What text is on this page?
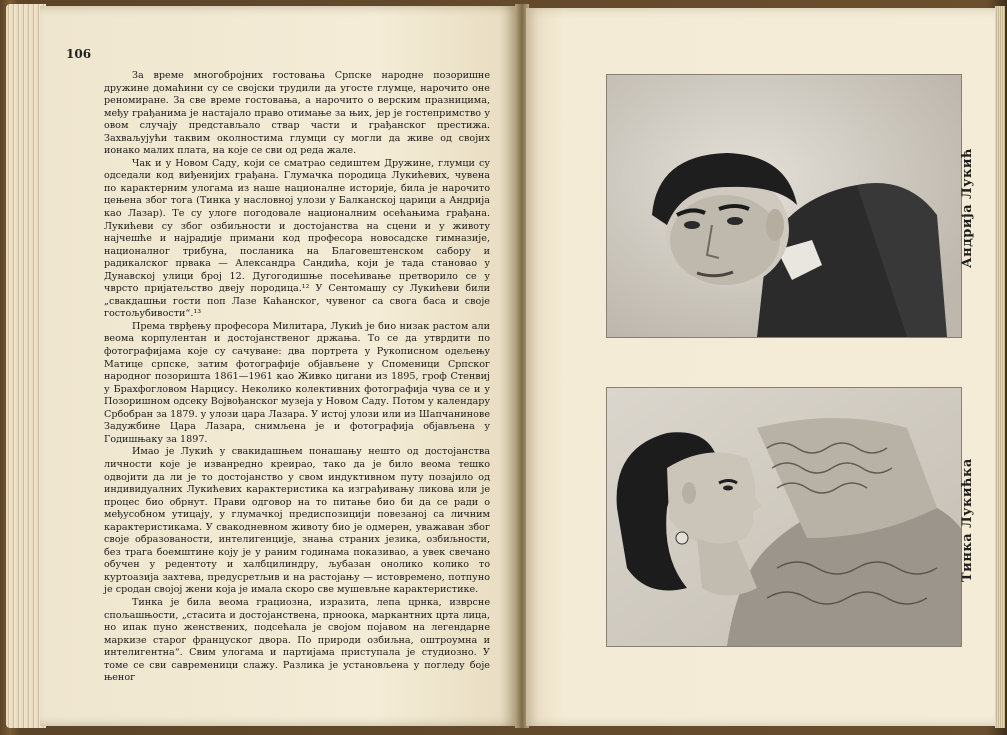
106

За време многобројних гостовања Српске народне позоришне дружине домаћини су се својски трудили да угосте глумце, нарочито оне реномиране. За све време гостовања, а нарочито о верским празницима, међу грађанима је настајало право отимање за њих, јер је гостепримство у овом случају представљало ствар части и грађанског престижа. Захваљујући таквим околностима глумци су могли да живе од својих ионако малих плата, на које се сви од реда жале.

Чак и у Новом Саду, који се сматрао седиштем Дружине, глумци су одседали код виђенијих грађана. Глумачка породица Лукићевих, чувена по карактерним улогама из наше националне историје, била је нарочито цењена због тога (Тинка у насловној улози у Балканској царици а Андрија као Лазар). Те су улоге погодовале националним осећањима грађана. Лукићеви су због озбиљности и достојанства на сцени и у животу најчешће и најрадије примани код професора новосадске гимназије, националног трибуна, посланика на Благовештенском сабору и радикалског првака — Александра Сандића, који је тада становао у Дунавској улици број 12. Дугогодишње посећивање претворило се у чврсто пријатељство двеју породица.¹² У Сентомашу су Лукићеви били „свакдашњи гости поп Лазе Каћанског, чувеног са свога баса и своје гостољубивости“.¹³

Према тврђењу професора Милитара, Лукић је био низак растом али веома корпулентан и достојанственог држања. То се да утврдити по фотографијама које су сачуване: два портрета у Рукописном одељењу Матице српске, затим фотографије објављене у Споменици Српског народног позоришта 1861—1961 као Живко цигани из 1895, гроф Стенвиј у Брахфогловом Нарцису. Неколико колективних фотографија чува се и у Позоришном одсеку Војвођанског музеја у Новом Саду. Потом у календару Србобран за 1879. у улози цара Лазара. У истој улози или из Шапчаниновe Задужбине Цара Лазара, снимљена је и фотографија објављена у Годишњаку за 1897.

Имао је Лукић у свакидашњем понашању нешто од достојанства личности које је изванредно креирао, тако да је било веома тешко одвојити да ли је то достојанство у свом индуктивном путу позајило од индивидуалних Лукићевих карактеристика ка изграђивању ликова или је процес био обрнут. Прави одговор на то питање био би да се ради о међусобном утицају, у глумачкој предиспозицији повезаној са личним карактеристикама. У свакодневном животу био је одмерен, уважаван због своје образованости, интелигенције, знања страних језика, озбиљности, без трага боемштине коју је у раним годинама показивао, а увек свечано обучен у редентоту и халбцилиндру, љубазан онолико колико то куртоазија захтева, предусретљив и на растојању — истовремено, потпуно је сродан својој жени која је имала скоро све мушевљне карактеристике.

Тинка је била веома грациозна, изразита, лепа црнка, изврсне спољашњости, „стасита и достојанствена, прноока, маркантних црта лица, но ипак пуно женствених, подсећала је својом појавом на легендарне маркизе старог француског двора. По природи озбиљна, оштроумна и интелигентна“. Свим улогама и партијама приступала је студиозно. У томе се сви савременици слажу. Разлика је установљена у погледу боје њеног

Андрија Лукић
Тинка Лукићка
